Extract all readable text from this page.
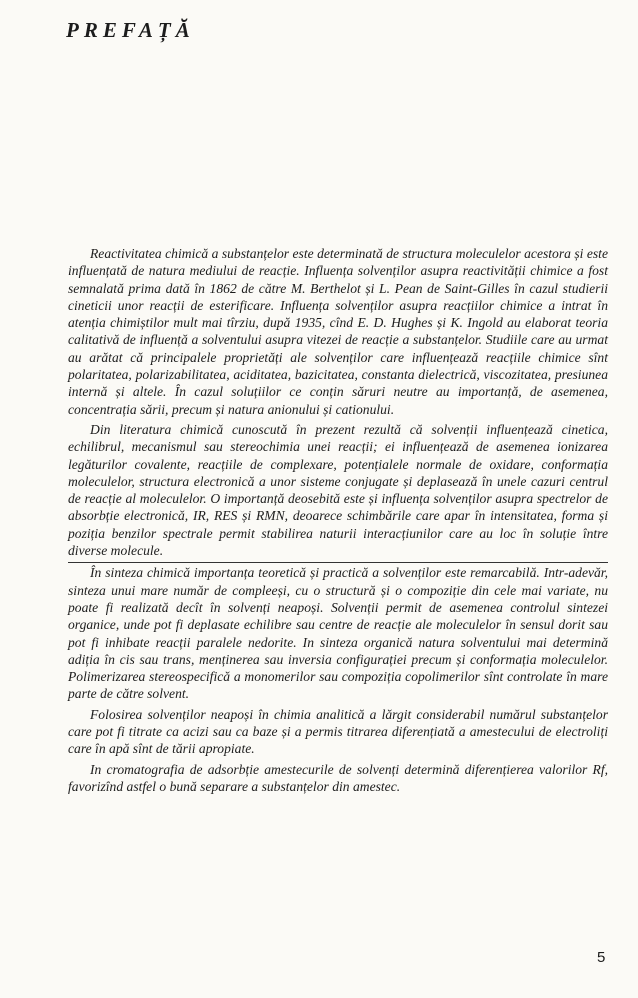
PREFAȚĂ

Reactivitatea chimică a substanțelor este determinată de structura moleculelor acestora și este influențată de natura mediului de reacție. Influența solvenților asupra reactivității chimice a fost semnalată prima dată în 1862 de către M. Berthelot și L. Pean de Saint-Gilles în cazul studierii cineticii unor reacții de esterificare. Influența solvenților asupra reacțiilor chimice a intrat în atenția chimiștilor mult mai tîrziu, după 1935, cînd E. D. Hughes și K. Ingold au elaborat teoria calitativă de influență a solventului asupra vitezei de reacție a substanțelor. Studiile care au urmat au arătat că principalele proprietăți ale solvenților care influențează reacțiile chimice sînt polaritatea, polarizabilitatea, aciditatea, bazicitatea, constanta dielectrică, viscozitatea, presiunea internă și altele. În cazul soluțiilor ce conțin săruri neutre au importanță, de asemenea, concentrația sării, precum și natura anionului și cationului.

Din literatura chimică cunoscută în prezent rezultă că solvenții influențează cinetica, echilibrul, mecanismul sau stereochimia unei reacții; ei influențează de asemenea ionizarea legăturilor covalente, reacțiile de complexare, potențialele normale de oxidare, conformația moleculelor, structura electronică a unor sisteme conjugate și deplasează în unele cazuri centrul de reacție al moleculelor. O importanță deosebită este și influența solvenților asupra spectrelor de absorbție electronică, IR, RES și RMN, deoarece schimbările care apar în intensitatea, forma și poziția benzilor spectrale permit stabilirea naturii interacțiunilor care au loc în soluție între diverse molecule.

În sinteza chimică importanța teoretică și practică a solvenților este remarcabilă. Intr-adevăr, sinteza unui mare număr de compleeși, cu o structură și o compoziție din cele mai variate, nu poate fi realizată decît în solvenți neapoși. Solvenții permit de asemenea controlul sintezei organice, unde pot fi deplasate echilibre sau centre de reacție ale moleculelor în sensul dorit sau pot fi inhibate reacții paralele nedorite. In sinteza organică natura solventului mai determină adiția în cis sau trans, menținerea sau inversia configurației precum și conformația moleculelor. Polimerizarea stereospecifică a monomerilor sau compoziția copolimerilor sînt controlate în mare parte de către solvent.

Folosirea solvenților neapoși în chimia analitică a lărgit considerabil numărul substanțelor care pot fi titrate ca acizi sau ca baze și a permis titrarea diferențiată a amestecului de electroliți care în apă sînt de tării apropiate.

In cromatografia de adsorbție amestecurile de solvenți determină diferențierea valorilor Rf, favorizînd astfel o bună separare a substanțelor din amestec.

5
